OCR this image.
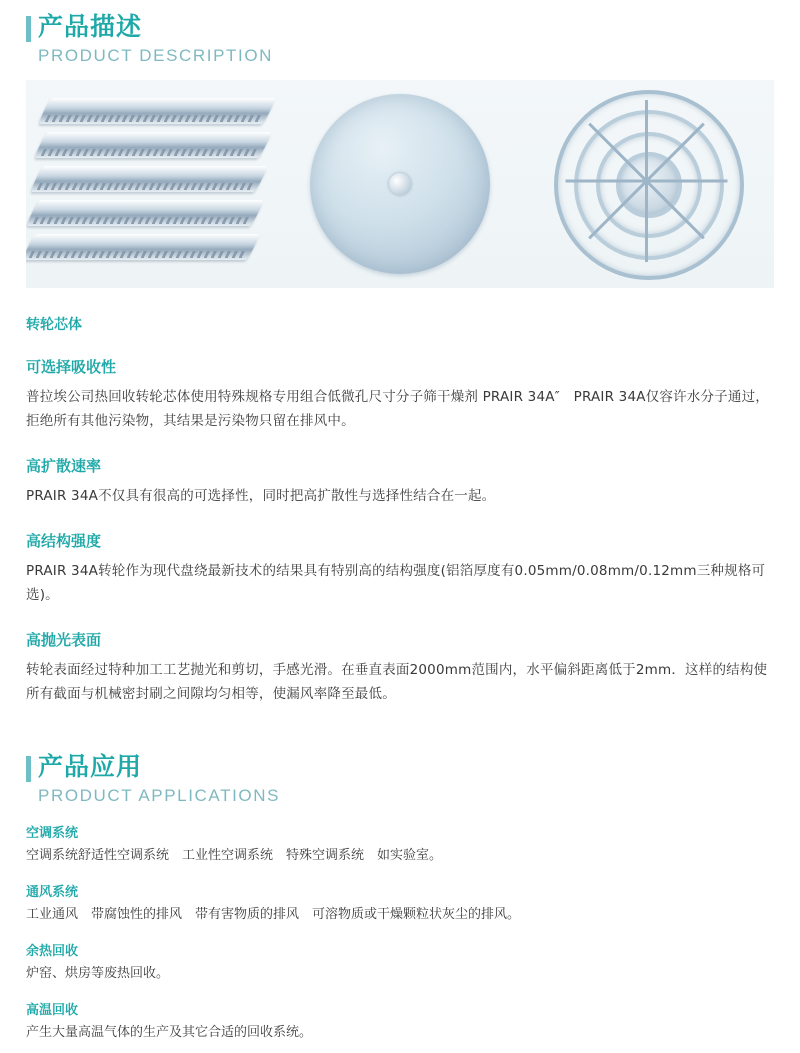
产品描述
PRODUCT DESCRIPTION
转轮芯体
可选择吸收性
普拉埃公司热回收转轮芯体使用特殊规格专用组合低微孔尺寸分子筛干燥剂 PRAIR 34A″　PRAIR 34A仅容许水分子通过，拒绝所有其他污染物，其结果是污染物只留在排风中。
高扩散速率
PRAIR 34A不仅具有很高的可选择性，同时把高扩散性与选择性结合在一起。
高结构强度
PRAIR 34A转轮作为现代盘绕最新技术的结果具有特别高的结构强度(铝箔厚度有0.05mm/0.08mm/0.12mm三种规格可选)。
高抛光表面
转轮表面经过特种加工工艺抛光和剪切，手感光滑。在垂直表面2000mm范围内，水平偏斜距离低于2mm．这样的结构使所有截面与机械密封刷之间隙均匀相等，使漏风率降至最低。
产品应用
PRODUCT APPLICATIONS
空调系统
空调系统舒适性空调系统　工业性空调系统　特殊空调系统　如实验室。
通风系统
工业通风　带腐蚀性的排风　带有害物质的排风　可溶物质或干燥颗粒状灰尘的排风。
余热回收
炉窑、烘房等废热回收。
高温回收
产生大量高温气体的生产及其它合适的回收系统。
